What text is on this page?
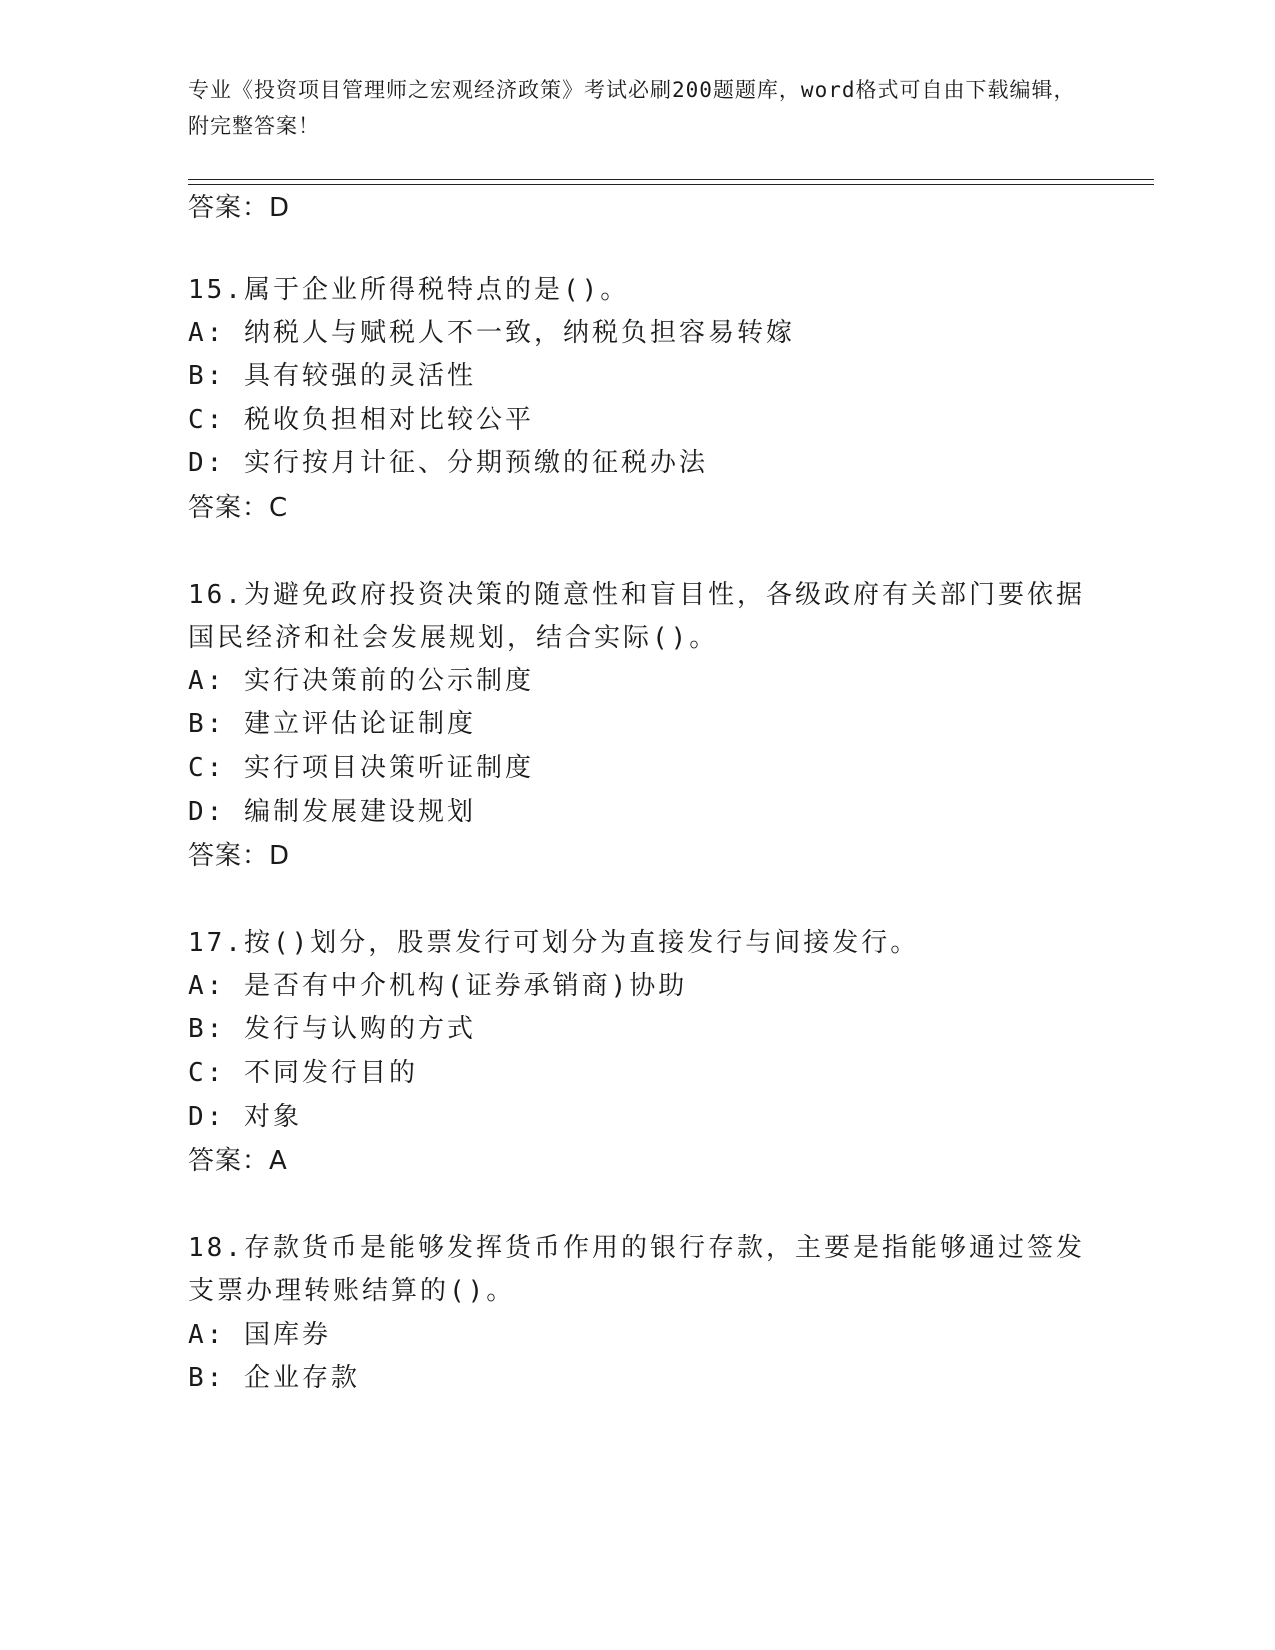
专业《投资项目管理师之宏观经济政策》考试必刷200题题库，word格式可自由下载编辑，附完整答案！
答案：D
15.属于企业所得税特点的是()。
A: 纳税人与赋税人不一致，纳税负担容易转嫁
B: 具有较强的灵活性
C: 税收负担相对比较公平
D: 实行按月计征、分期预缴的征税办法
答案：C
16.为避免政府投资决策的随意性和盲目性，各级政府有关部门要依据
国民经济和社会发展规划，结合实际()。
A: 实行决策前的公示制度
B: 建立评估论证制度
C: 实行项目决策听证制度
D: 编制发展建设规划
答案：D
17.按()划分，股票发行可划分为直接发行与间接发行。
A: 是否有中介机构(证券承销商)协助
B: 发行与认购的方式
C: 不同发行目的
D: 对象
答案：A
18.存款货币是能够发挥货币作用的银行存款，主要是指能够通过签发
支票办理转账结算的()。
A: 国库券
B: 企业存款
